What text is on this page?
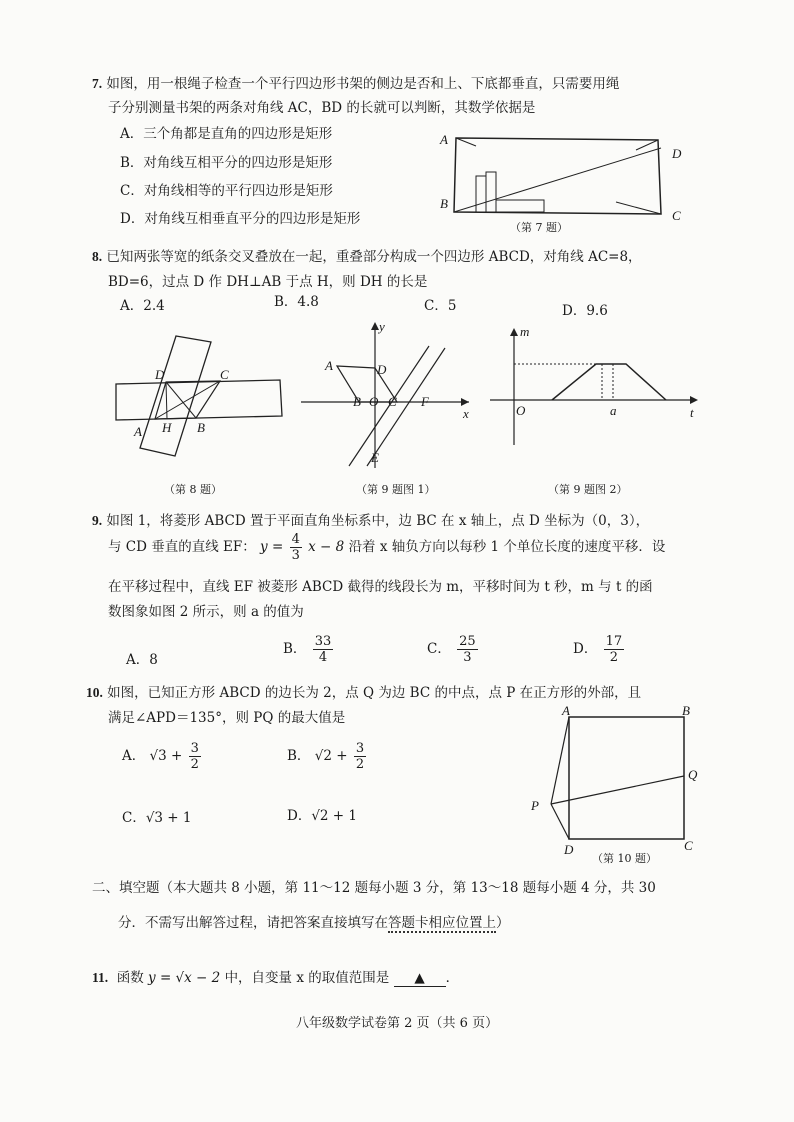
7. 如图，用一根绳子检查一个平行四边形书架的侧边是否和上、下底都垂直，只需要用绳
子分别测量书架的两条对角线 AC，BD 的长就可以判断，其数学依据是
A．三个角都是直角的四边形是矩形
B．对角线互相平分的四边形是矩形
C．对角线相等的平行四边形是矩形
D．对角线互相垂直平分的四边形是矩形
A
D
B
C
（第 7 题）
8. 已知两张等宽的纸条交叉叠放在一起，重叠部分构成一个四边形 ABCD，对角线 AC=8，
BD=6，过点 D 作 DH⊥AB 于点 H，则 DH 的长是
A．2.4	B．4.8	C．5	D．9.6
D	C
A H B
（第 8 题）
y
x
A	D
B O C F
E
（第 9 题图 1）
m
O	a	t
（第 9 题图 2）
9. 如图 1，将菱形 ABCD 置于平面直角坐标系中，边 BC 在 x 轴上，点 D 坐标为（0，3），
与 CD 垂直的直线 EF： $y = \frac{4}{3}$ x − 8 沿着 x 轴负方向以每秒 1 个单位长度的速度平移．设
在平移过程中，直线 EF 被菱形 ABCD 截得的线段长为 m，平移时间为 t 秒，m 与 t 的函
数图象如图 2 所示，则 a 的值为
A．8
B． $\frac{33}{4}$	C． $\frac{25}{3}$	D． $\frac{17}{2}$
10. 如图，已知正方形 ABCD 的边长为 2，点 Q 为边 BC 的中点，点 P 在正方形的外部，且
满足∠APD＝135°，则 PQ 的最大值是
A． $√3 + \frac{3}{2}$	B． $√2 + \frac{3}{2}$
C．√3 + 1	D．√2 + 1
A	B
Q
P
D	C
（第 10 题）
二、填空题（本大题共 8 小题，第 11～12 题每小题 3 分，第 13～18 题每小题 4 分，共 30
分．不需写出解答过程，请把答案直接填写在答题卡相应位置上）
11. 函数 y = √x − 2 中，自变量 x 的取值范围是 ▲ ．
八年级数学试卷第 2 页（共 6 页）
